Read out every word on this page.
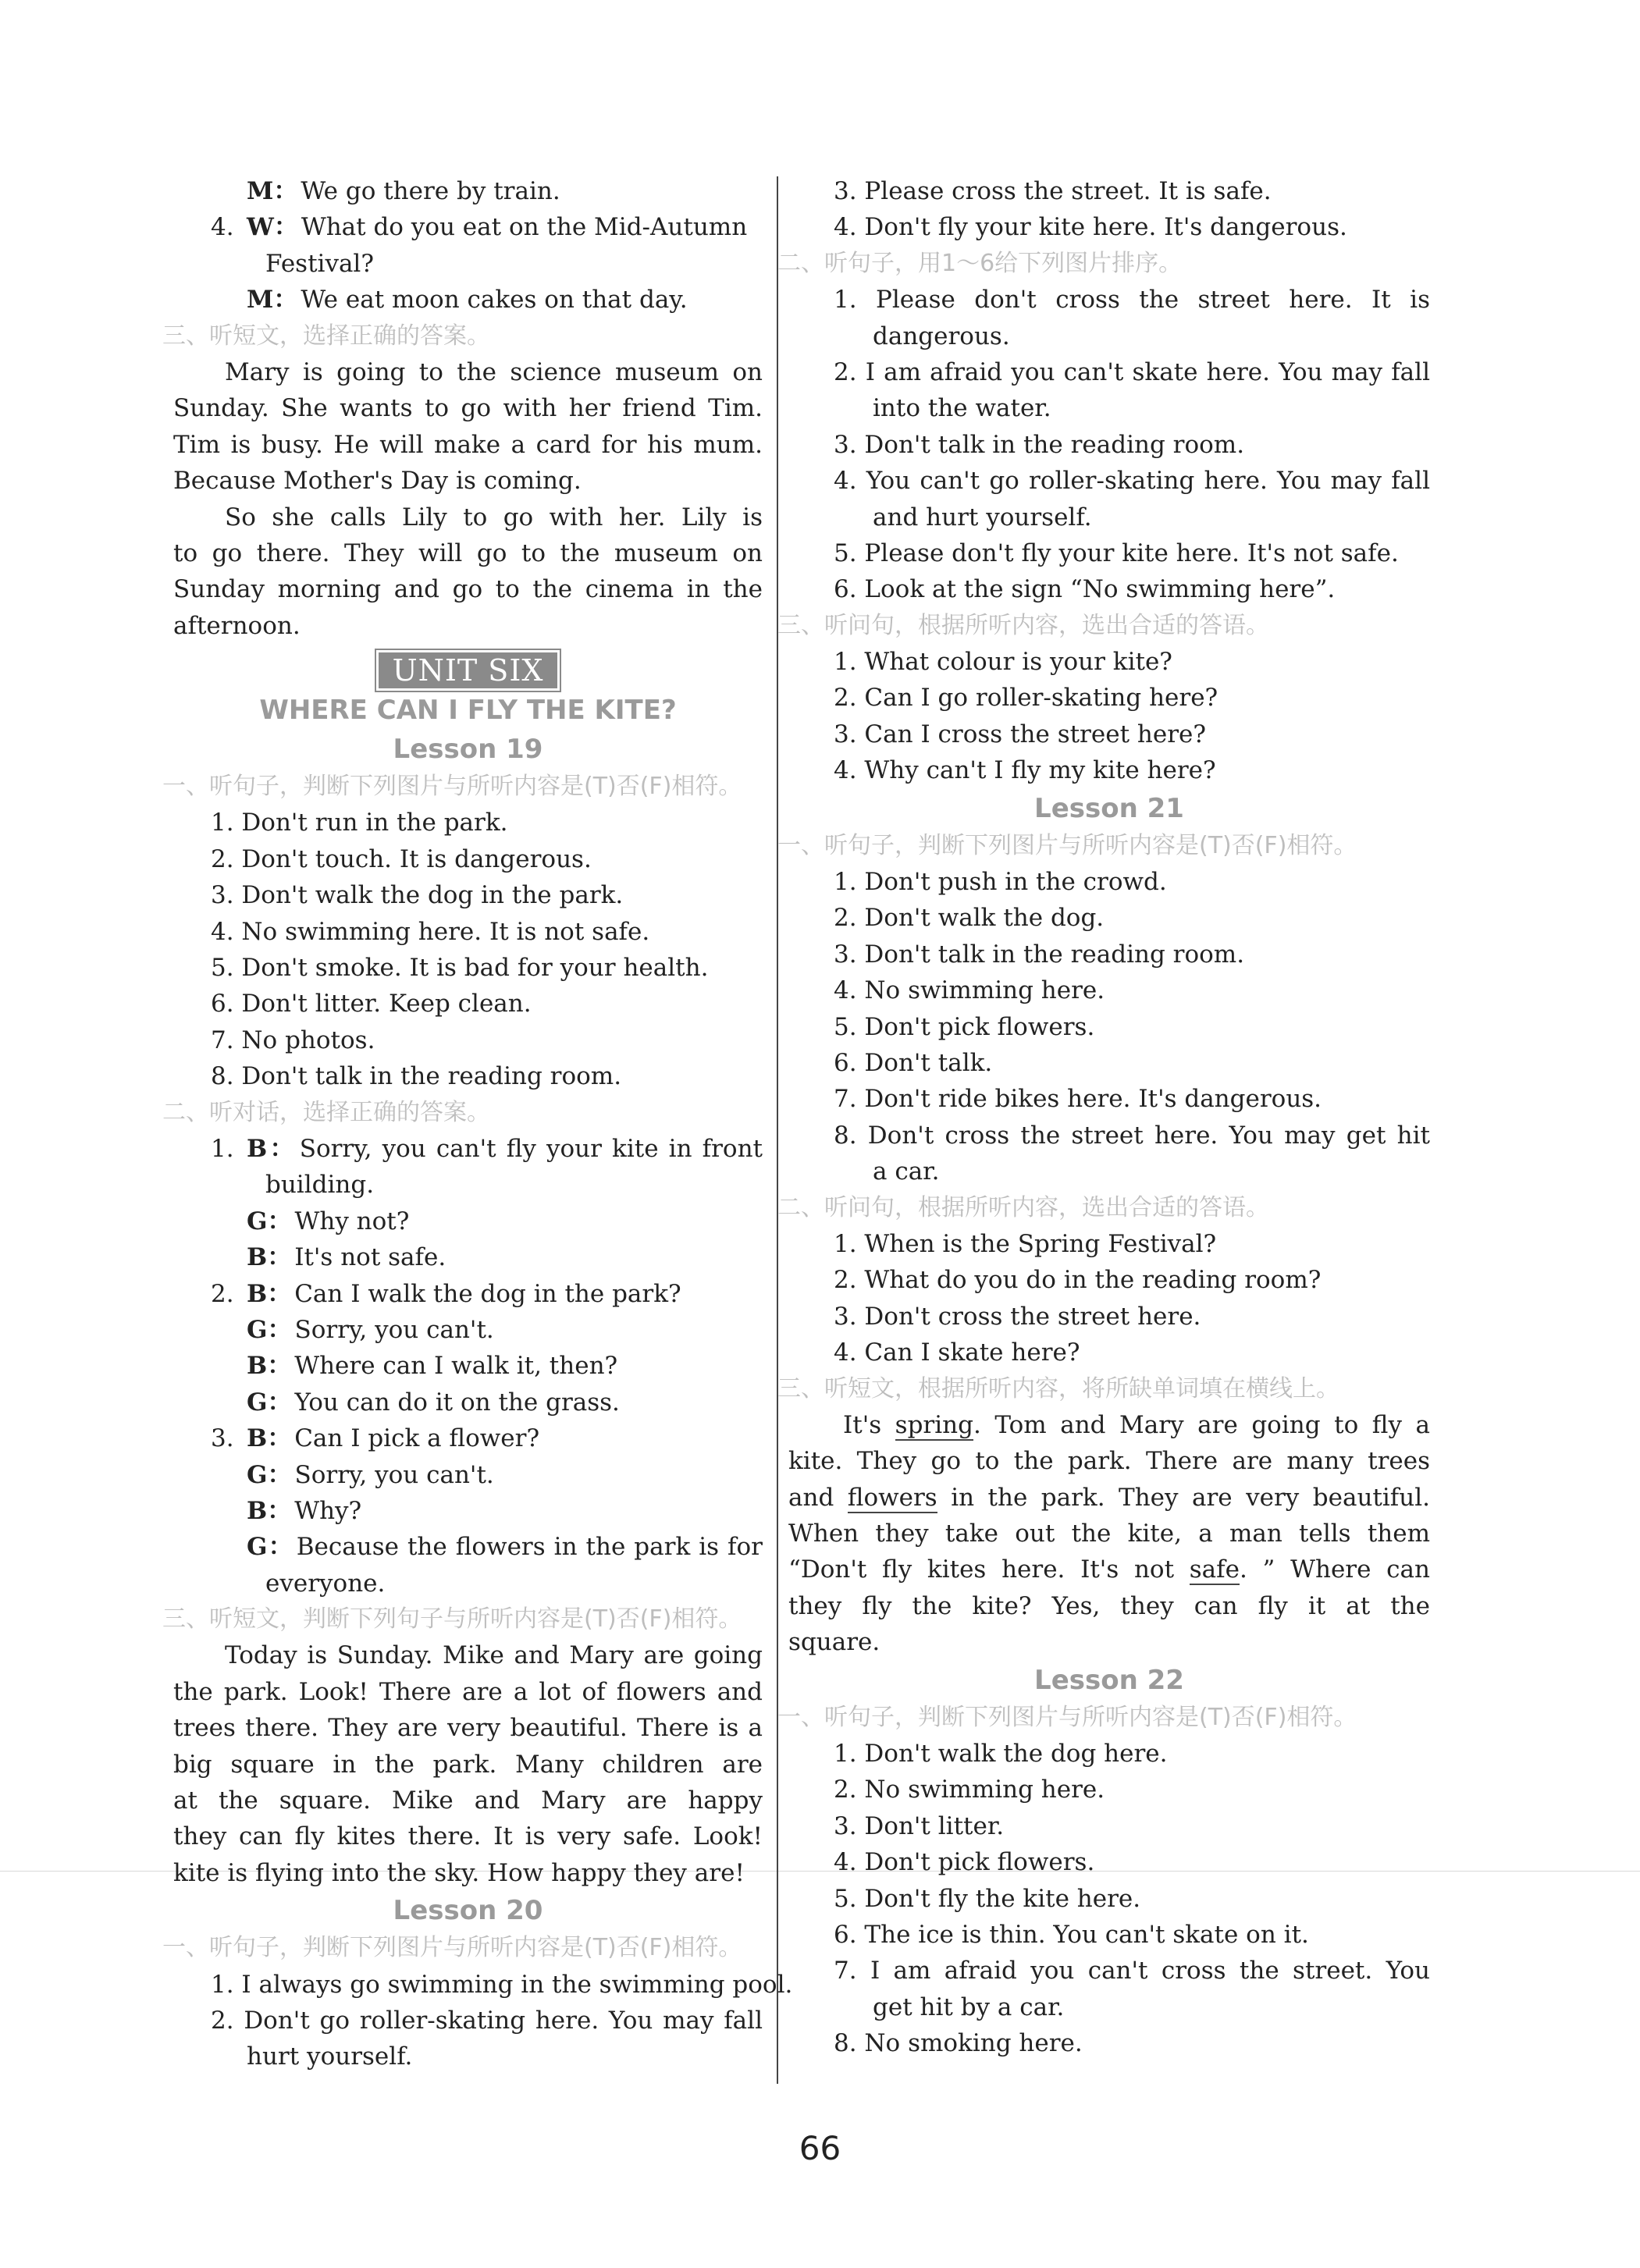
M： We go there by train.
4. W： What do you eat on the Mid-Autumn
Festival?
M： We eat moon cakes on that day.
三、听短文，选择正确的答案。
Mary is going to the science museum on
Sunday. She wants to go with her friend Tim.
Tim is busy. He will make a card for his mum.
Because Mother's Day is coming.
So she calls Lily to go with her. Lily is
to go there. They will go to the museum on
Sunday morning and go to the cinema in the
afternoon.
UNIT SIX
WHERE CAN I FLY THE KITE?
Lesson 19
一、听句子，判断下列图片与所听内容是(T)否(F)相符。
1. Don't run in the park.
2. Don't touch. It is dangerous.
3. Don't walk the dog in the park.
4. No swimming here. It is not safe.
5. Don't smoke. It is bad for your health.
6. Don't litter. Keep clean.
7. No photos.
8. Don't talk in the reading room.
二、听对话，选择正确的答案。
1. B： Sorry, you can't fly your kite in front
building.
G： Why not?
B： It's not safe.
2. B： Can I walk the dog in the park?
G： Sorry, you can't.
B： Where can I walk it, then?
G： You can do it on the grass.
3. B： Can I pick a flower?
G： Sorry, you can't.
B： Why?
G： Because the flowers in the park is for
everyone.
三、听短文，判断下列句子与所听内容是(T)否(F)相符。
Today is Sunday. Mike and Mary are going
the park. Look! There are a lot of flowers and
trees there. They are very beautiful. There is a
big square in the park. Many children are
at the square. Mike and Mary are happy
they can fly kites there. It is very safe. Look!
kite is flying into the sky. How happy they are!
Lesson 20
一、听句子，判断下列图片与所听内容是(T)否(F)相符。
1. I always go swimming in the swimming pool.
2. Don't go roller-skating here. You may fall
hurt yourself.
3. Please cross the street. It is safe.
4. Don't fly your kite here. It's dangerous.
二、听句子，用1～6给下列图片排序。
1. Please don't cross the street here. It is
dangerous.
2. I am afraid you can't skate here. You may fall
into the water.
3. Don't talk in the reading room.
4. You can't go roller-skating here. You may fall
and hurt yourself.
5. Please don't fly your kite here. It's not safe.
6. Look at the sign “No swimming here”.
三、听问句，根据所听内容，选出合适的答语。
1. What colour is your kite?
2. Can I go roller-skating here?
3. Can I cross the street here?
4. Why can't I fly my kite here?
Lesson 21
一、听句子，判断下列图片与所听内容是(T)否(F)相符。
1. Don't push in the crowd.
2. Don't walk the dog.
3. Don't talk in the reading room.
4. No swimming here.
5. Don't pick flowers.
6. Don't talk.
7. Don't ride bikes here. It's dangerous.
8. Don't cross the street here. You may get hit
a car.
二、听问句，根据所听内容，选出合适的答语。
1. When is the Spring Festival?
2. What do you do in the reading room?
3. Don't cross the street here.
4. Can I skate here?
三、听短文，根据所听内容，将所缺单词填在横线上。
It's spring. Tom and Mary are going to fly a
kite. They go to the park. There are many trees
and flowers in the park. They are very beautiful.
When they take out the kite, a man tells them
“Don't fly kites here. It's not safe. ” Where can
they fly the kite? Yes, they can fly it at the
square.
Lesson 22
一、听句子，判断下列图片与所听内容是(T)否(F)相符。
1. Don't walk the dog here.
2. No swimming here.
3. Don't litter.
4. Don't pick flowers.
5. Don't fly the kite here.
6. The ice is thin. You can't skate on it.
7. I am afraid you can't cross the street. You
get hit by a car.
8. No smoking here.
66
